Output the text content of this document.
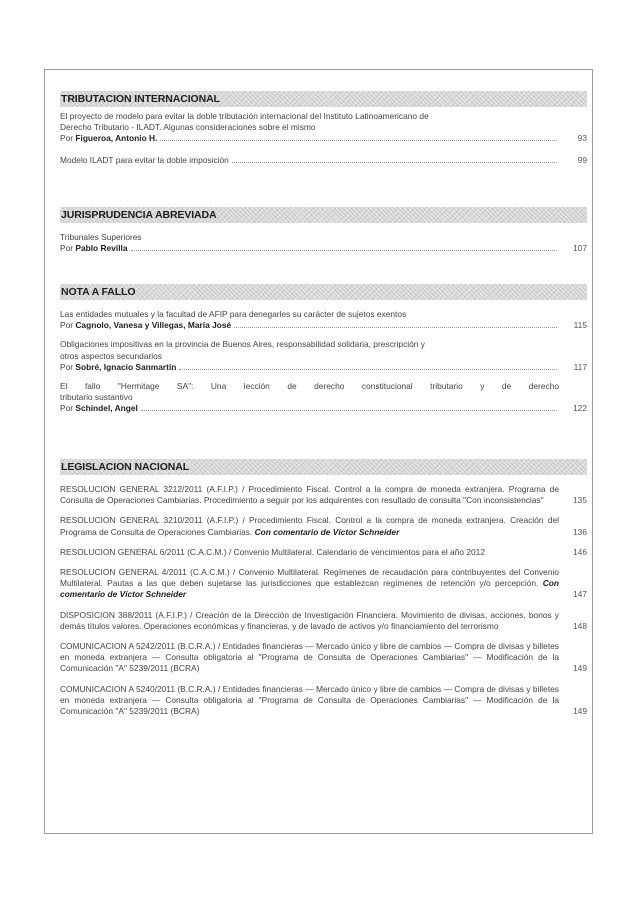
TRIBUTACION INTERNACIONAL

El proyecto de modelo para evitar la doble tributación internacional del Instituto Latinoamericano de

Derecho Tributario - ILADT. Algunas consideraciones sobre el mismo

Por
Figueroa, Antonio H.	93
Modelo ILADT para evitar la doble imposición	99
JURISPRUDENCIA ABREVIADA

Tribunales Superiores

Por
Pablo Revilla	107
NOTA A FALLO

Las entidades mutuales y la facultad de AFIP para denegarles su carácter de sujetos exentos

Por
Cagnolo, Vanesa y Villegas, María José	115

Obligaciones impositivas en la provincia de Buenos Aires, responsabilidad solidaria, prescripción y

otros aspectos secundarios

Por
Sobré, Ignacio Sanmartín	117

El fallo "Hermitage SA": Una lección de derecho constitucional tributario y de derecho

tributario sustantivo

Por
Schindel, Angel	122
LEGISLACION NACIONAL
RESOLUCION GENERAL 3212/2011 (A.F.I.P.) / Procedimiento Fiscal. Control a la compra de moneda extranjera. Programa de Consulta de Operaciones Cambiarias. Procedimiento a seguir por los adquirentes con resultado de consulta "Con inconsistencias"	135
RESOLUCION GENERAL 3210/2011 (A.F.I.P.) / Procedimiento Fiscal. Control a la compra de moneda extranjera. Creación del Programa de Consulta de Operaciones Cambiarias. Con comentario de Víctor Schneider	136
RESOLUCION GENERAL 6/2011 (C.A.C.M.) / Convenio Multilateral. Calendario de vencimientos para el año 2012	146
RESOLUCION GENERAL 4/2011 (C.A.C.M.) / Convenio Multilateral. Regímenes de recaudación para contribuyentes del Convenio Multilateral. Pautas a las que deben sujetarse las jurisdicciones que establezcan regímenes de retención y/o percepción. Con comentario de Víctor Schneider	147
DISPOSICION 388/2011 (A.F.I.P.) / Creación de la Dirección de Investigación Financiera. Movimiento de divisas, acciones, bonos y demás títulos valores. Operaciones económicas y financieras, y de lavado de activos y/o financiamiento del terrorismo	148
COMUNICACION A 5242/2011 (B.C.R.A.) / Entidades financieras — Mercado único y libre de cambios — Compra de divisas y billetes en moneda extranjera — Consulta obligatoria al "Programa de Consulta de Operaciones Cambiarias" — Modificación de la Comunicación "A" 5239/2011 (BCRA)	149
COMUNICACION A 5240/2011 (B.C.R.A.) / Entidades financieras — Mercado único y libre de cambios — Compra de divisas y billetes en moneda extranjera — Consulta obligatoria al "Programa de Consulta de Operaciones Cambiarias" — Modificación de la Comunicación "A" 5239/2011 (BCRA)	149
